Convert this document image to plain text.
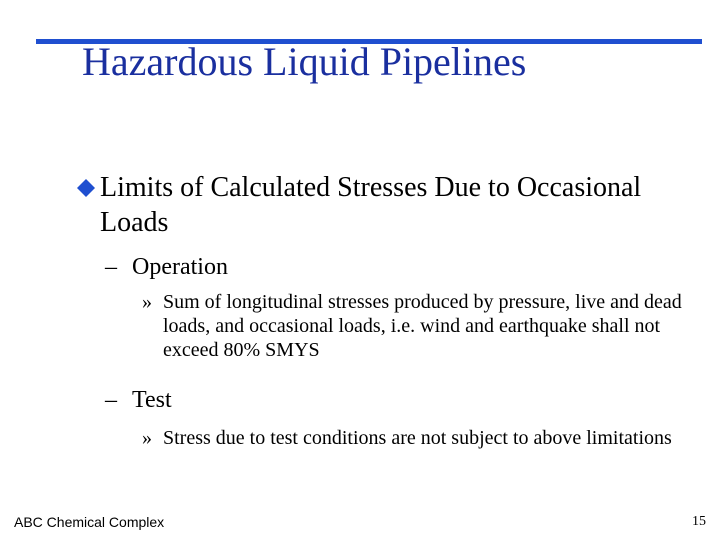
Hazardous Liquid Pipelines
Limits of Calculated Stresses Due to Occasional Loads
– Operation
» Sum of longitudinal stresses produced by pressure, live and dead loads, and occasional loads, i.e. wind and earthquake shall not exceed 80% SMYS
– Test
» Stress due to test conditions are not subject to above limitations
ABC Chemical Complex	15
